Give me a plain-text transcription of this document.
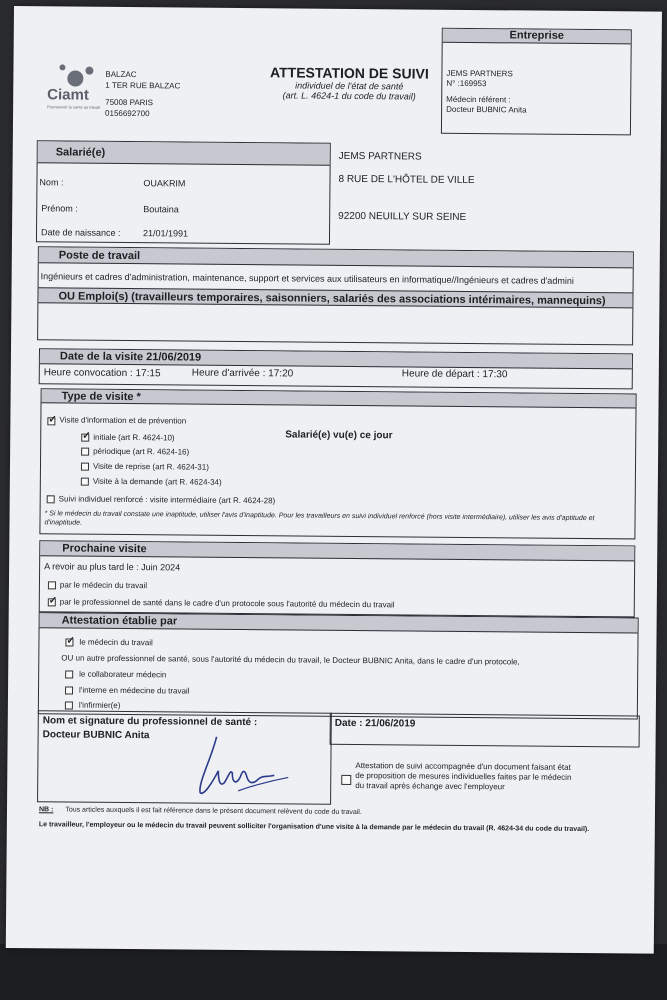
Ciamt
Promouvoir la santé au travail
BALZAC
1 TER RUE BALZAC
75008 PARIS
0156692700
ATTESTATION DE SUIVI
individuel de l'état de santé
(art. L. 4624-1 du code du travail)
Entreprise
JEMS PARTNERS
N° :169953
Médecin référent :
Docteur BUBNIC Anita
Salarié(e)
Nom :	OUAKRIM
Prénom :	Boutaina
Date de naissance : 21/01/1991
JEMS PARTNERS
8 RUE DE L'HÔTEL DE VILLE
92200 NEUILLY SUR SEINE
Poste de travail
Ingénieurs et cadres d'administration, maintenance, support et services aux utilisateurs en informatique//Ingénieurs et cadres d'admini
OU Emploi(s) (travailleurs temporaires, saisonniers, salariés des associations intérimaires, mannequins)
Date de la visite 21/06/2019
Heure convocation : 17:15	Heure d'arrivée : 17:20	Heure de départ : 17:30
Type de visite *
✓
Visite d'information et de prévention
✓
initiale (art R. 4624-10)
périodique (art R. 4624-16)
Visite de reprise (art R. 4624-31)
Visite à la demande (art R. 4624-34)
Salarié(e) vu(e) ce jour
Suivi individuel renforcé : visite intermédiaire (art R. 4624-28)
* Si le médecin du travail constate une inaptitude, utiliser l'avis d'inaptitude. Pour les travailleurs en suivi individuel renforcé (hors visite intermédiaire), utiliser les avis d'aptitude et d'inaptitude.
Prochaine visite
A revoir au plus tard le : Juin 2024
par le médecin du travail
✓
par le professionnel de santé dans le cadre d'un protocole sous l'autorité du médecin du travail
Attestation établie par
✓
le médecin du travail
OU un autre professionnel de santé, sous l'autorité du médecin du travail, le Docteur BUBNIC Anita, dans le cadre d'un protocole,
le collaborateur médecin
l'interne en médecine du travail
l'infirmier(e)
Nom et signature du professionnel de santé :
Docteur BUBNIC Anita
Date : 21/06/2019
Attestation de suivi accompagnée d'un document faisant état
de proposition de mesures individuelles faites par le médecin
du travail après échange avec l'employeur
NB : Tous articles auxquels il est fait référence dans le présent document relèvent du code du travail.
Le travailleur, l'employeur ou le médecin du travail peuvent solliciter l'organisation d'une visite à la demande par le médecin du travail (R. 4624-34 du code du travail).
